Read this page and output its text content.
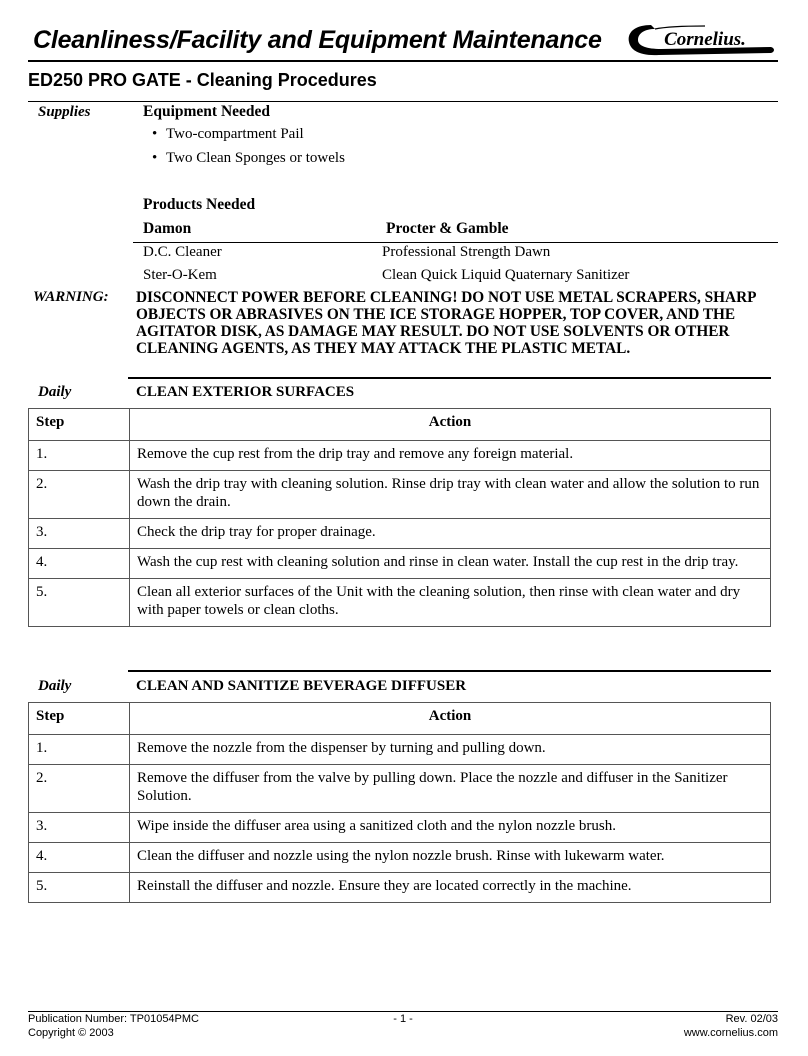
Cleanliness/Facility and Equipment Maintenance	Cornelius.
ED250 PRO GATE - Cleaning Procedures
Supplies	Equipment Needed
• Two-compartment Pail
• Two Clean Sponges or towels
Products Needed
Damon	Procter & Gamble
D.C. Cleaner	Professional Strength Dawn
Ster-O-Kem	Clean Quick Liquid Quaternary Sanitizer
WARNING: DISCONNECT POWER BEFORE CLEANING! DO NOT USE METAL SCRAPERS, SHARP OBJECTS OR ABRASIVES ON THE ICE STORAGE HOPPER, TOP COVER, AND THE AGITATOR DISK, AS DAMAGE MAY RESULT. DO NOT USE SOLVENTS OR OTHER CLEANING AGENTS, AS THEY MAY ATTACK THE PLASTIC METAL.
Daily	CLEAN EXTERIOR SURFACES
Step	Action
1.	Remove the cup rest from the drip tray and remove any foreign material.
2.	Wash the drip tray with cleaning solution. Rinse drip tray with clean water and allow the solution to run down the drain.
3.	Check the drip tray for proper drainage.
4.	Wash the cup rest with cleaning solution and rinse in clean water. Install the cup rest in the drip tray.
5.	Clean all exterior surfaces of the Unit with the cleaning solution, then rinse with clean water and dry with paper towels or clean cloths.
Daily	CLEAN AND SANITIZE BEVERAGE DIFFUSER
Step	Action
1.	Remove the nozzle from the dispenser by turning and pulling down.
2.	Remove the diffuser from the valve by pulling down. Place the nozzle and diffuser in the Sanitizer Solution.
3.	Wipe inside the diffuser area using a sanitized cloth and the nylon nozzle brush.
4.	Clean the diffuser and nozzle using the nylon nozzle brush. Rinse with lukewarm water.
5.	Reinstall the diffuser and nozzle. Ensure they are located correctly in the machine.
Publication Number: TP01054PMC	- 1 -	Rev. 02/03
Copyright © 2003	www.cornelius.com
